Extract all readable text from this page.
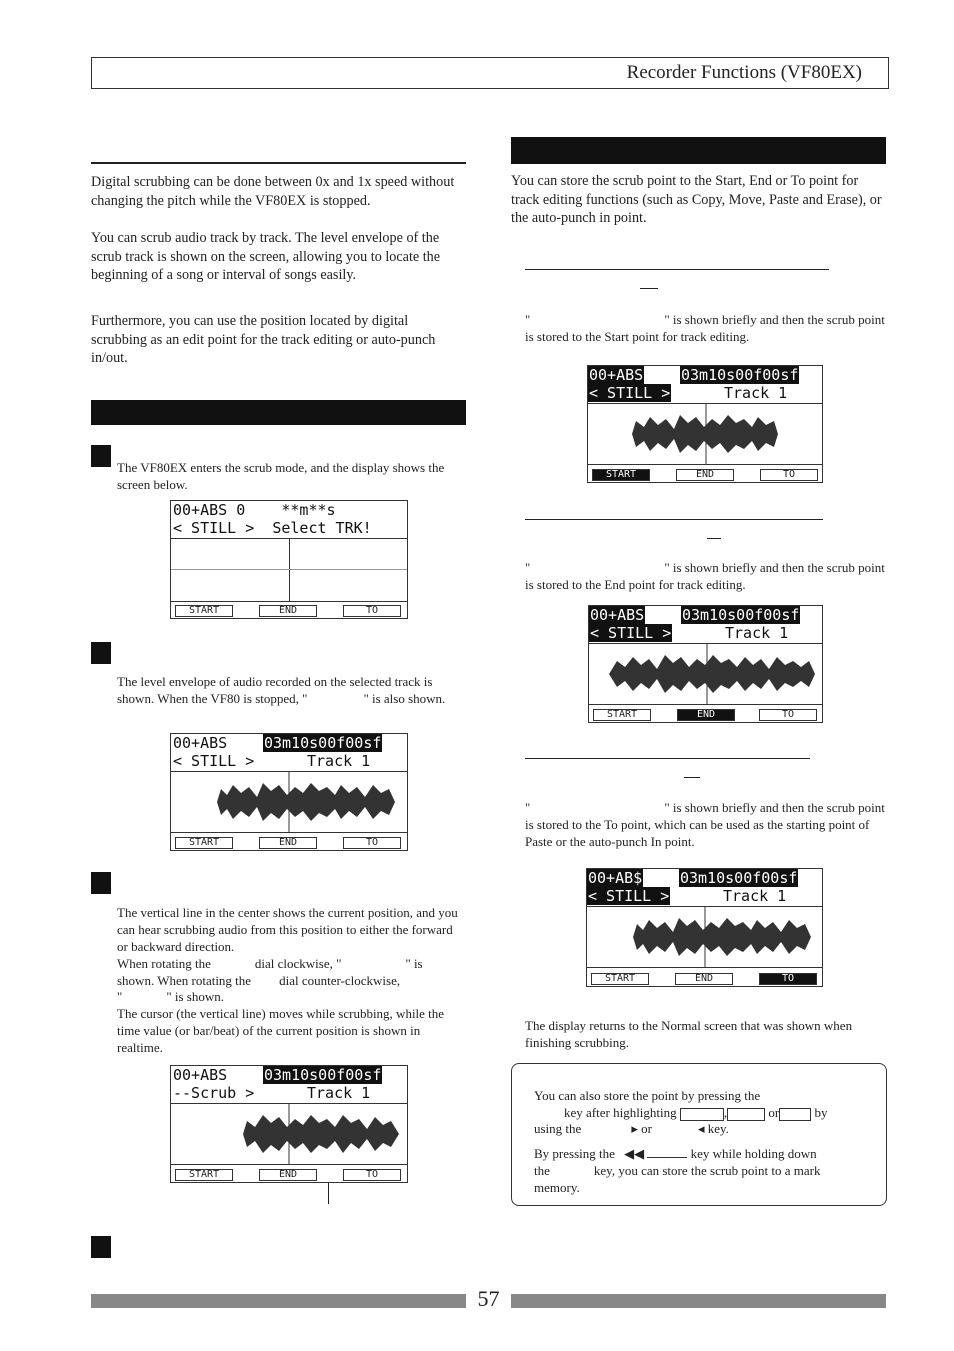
Recorder Functions (VF80EX)
Digital scrubbing can be done between 0x and 1x speed without changing the pitch while the VF80EX is stopped.
You can scrub audio track by track. The level envelope of the scrub track is shown on the screen, allowing you to locate the beginning of a song or interval of songs easily.
Furthermore, you can use the position located by digital scrubbing as an edit point for the track editing or auto-punch in/out.
The VF80EX enters the scrub mode, and the display shows the screen below.
00+ABS 0    **m**s
< STILL >  Select TRK!
START	END	TO
The level envelope of audio recorded on the selected track is shown. When the VF80 is stopped, "	" is also shown.
00+ABS 03m10s00f00sf
< STILL >	Track 1
START	END	TO
The vertical line in the center shows the current position, and you can hear scrubbing audio from this position to either the forward or backward direction.
When rotating the	dial clockwise, "	" is
shown. When rotating the dial counter-clockwise,
"	" is shown.
The cursor (the vertical line) moves while scrubbing, while the time value (or bar/beat) of the current position is shown in realtime.
00+ABS 03m10s00f00sf
--Scrub >	Track 1
START	END	TO
You can store the scrub point to the Start, End or To point for track editing functions (such as Copy, Move, Paste and Erase), or the auto-punch in point.
"	" is shown briefly and then the scrub point is stored to the Start point for track editing.
00+ABS	03m10s00f00sf
< STILL >	Track 1
START	END	TO
"	" is shown briefly and then the scrub point is stored to the End point for track editing.
00+ABS	03m10s00f00sf
< STILL >	Track 1
START	END	TO
"	" is shown briefly and then the scrub point is stored to the To point, which can be used as the starting point of Paste or the auto-punch In point.
00+AB$	03m10s00f00sf
< STILL >	Track 1
START	END	TO
The display returns to the Normal screen that was shown when finishing scrubbing.
You can also store the point by pressing the
key after highlighting	,	or	by
using the	▸ or	◂ key.
By pressing the ◀◀	key while holding down
the	key, you can store the scrub point to a mark
memory.
57
